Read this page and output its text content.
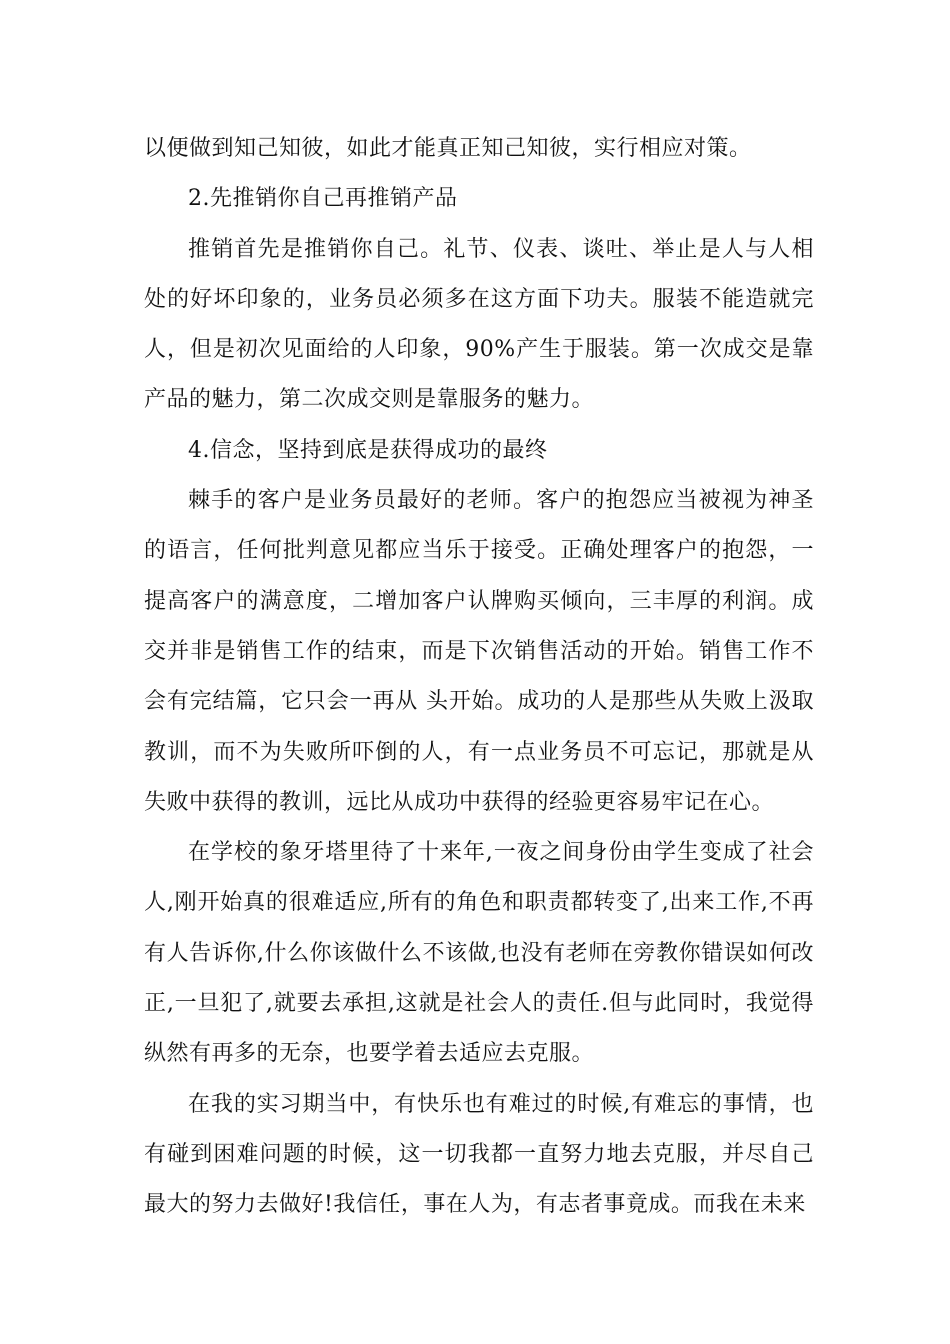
以便做到知己知彼，如此才能真正知己知彼，实行相应对策。

2.先推销你自己再推销产品

推销首先是推销你自己。礼节、仪表、谈吐、举止是人与人相处的好坏印象的，业务员必须多在这方面下功夫。服装不能造就完人，但是初次见面给的人印象，90%产生于服装。第一次成交是靠产品的魅力，第二次成交则是靠服务的魅力。

4.信念，坚持到底是获得成功的最终

棘手的客户是业务员最好的老师。客户的抱怨应当被视为神圣的语言，任何批判意见都应当乐于接受。正确处理客户的抱怨，一提高客户的满意度，二增加客户认牌购买倾向，三丰厚的利润。成交并非是销售工作的结束，而是下次销售活动的开始。销售工作不会有完结篇，它只会一再从 头开始。成功的人是那些从失败上汲取教训，而不为失败所吓倒的人，有一点业务员不可忘记，那就是从失败中获得的教训，远比从成功中获得的经验更容易牢记在心。

在学校的象牙塔里待了十来年,一夜之间身份由学生变成了社会人,刚开始真的很难适应,所有的角色和职责都转变了,出来工作,不再有人告诉你,什么你该做什么不该做,也没有老师在旁教你错误如何改正,一旦犯了,就要去承担,这就是社会人的责任.但与此同时，我觉得纵然有再多的无奈，也要学着去适应去克服。

在我的实习期当中，有快乐也有难过的时候,有难忘的事情，也有碰到困难问题的时候，这一切我都一直努力地去克服，并尽自己最大的努力去做好!我信任，事在人为，有志者事竟成。而我在未来
